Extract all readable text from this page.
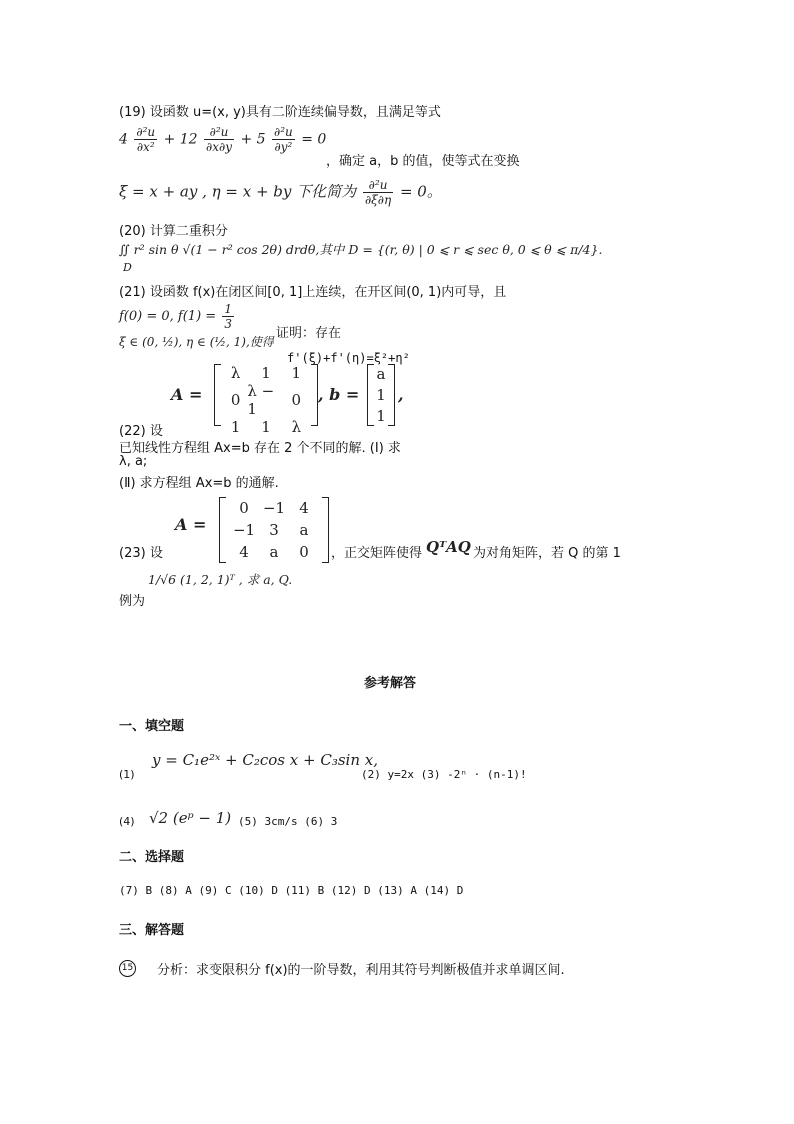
(19) 设函数 u=(x, y)具有二阶连续偏导数，且满足等式
$4 \frac{\text{∂²u}}{\text{∂x²}} + 12 \frac{\text{∂²u}}{\partial x\partial y} + 5 \frac{\text{∂²u}}{\text{∂y²}} = 0$
，确定 a，b 的值，使等式在变换
ξ = x + ay , η = x + by 下化简为 $\frac{\text{∂²u}}{\partial\xi\partial\eta} = 0$。
(20) 计算二重积分
∬ r² sin θ √(1 − r² cos 2θ) drdθ,其中 D = {(r, θ) | 0 ⩽ r ⩽ sec θ, 0 ⩽ θ ⩽ π/4}.
D
(21) 设函数 f(x)在闭区间[0, 1]上连续，在开区间(0, 1)内可导，且
f(0) = 0, $f(1) = \frac{1}{3}$
证明：存在
ξ ∈ (0, ½), η ∈ (½, 1),使得
f'(ξ)+f'(η)=ξ²+η²
A =
λ 1 1
0 λ − 1	0
1 1 λ
, b =
a
1
1
,
(22) 设
已知线性方程组 Ax=b 存在 2 个不同的解. (Ⅰ) 求
λ, a;
(Ⅱ) 求方程组 Ax=b 的通解.
A =
0 −1 4
−1 3 a
4 a 0
(23) 设	，正交矩阵使得 QᵀAQ 为对角矩阵，若 Q 的第 1
1/√6 (1, 2, 1)ᵀ , 求 a, Q.
例为
参考解答
一、填空题
y = C₁e²ˣ + C₂cos x + C₃sin x,
(1)	(2) y=2x (3) -2ⁿ · (n-1)!
(4) √2 (eᵖ − 1) (5) 3cm/s (6) 3
二、选择题
(7) B (8) A (9) C (10) D (11) B (12) D (13) A (14) D
三、解答题
15 分析：求变限积分 f(x)的一阶导数，利用其符号判断极值并求单调区间.
